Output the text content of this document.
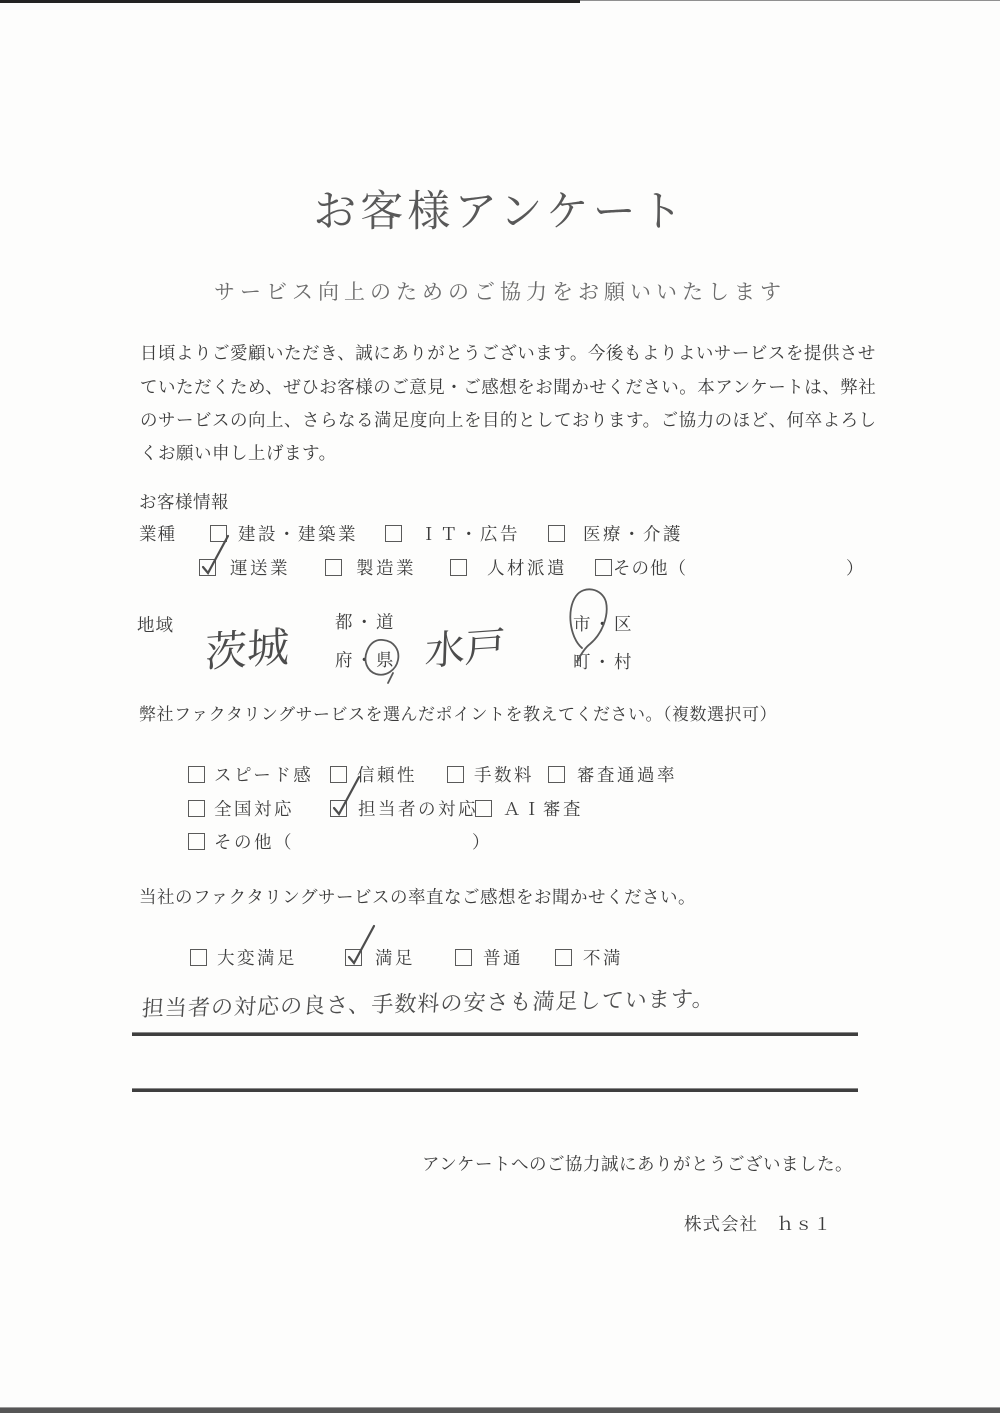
お客様アンケート
サービス向上のためのご協力をお願いいたします
日頃よりご愛顧いただき、誠にありがとうございます。今後もよりよいサービスを提供させ
ていただくため、ぜひお客様のご意見・ご感想をお聞かせください。本アンケートは、弊社
のサービスの向上、さらなる満足度向上を目的としております。ご協力のほど、何卒よろし
くお願い申し上げます。
お客様情報
業種	建設・建築業	ＩＴ・広告	医療・介護
運送業	製造業	人材派遣	その他（	）
地域 茨城
都・道
府・県 水戸	市・区
町・村
弊社ファクタリングサービスを選んだポイントを教えてください。（複数選択可）
スピード感 信頼性	手数料 審査通過率
全国対応	担当者の対応 ＡＩ審査
その他（	）
当社のファクタリングサービスの率直なご感想をお聞かせください。
大変満足	満足	普通	不満
担当者の対応の良さ、手数料の安さも満足しています。
アンケートへのご協力誠にありがとうございました。
株式会社　ｈｓ１
